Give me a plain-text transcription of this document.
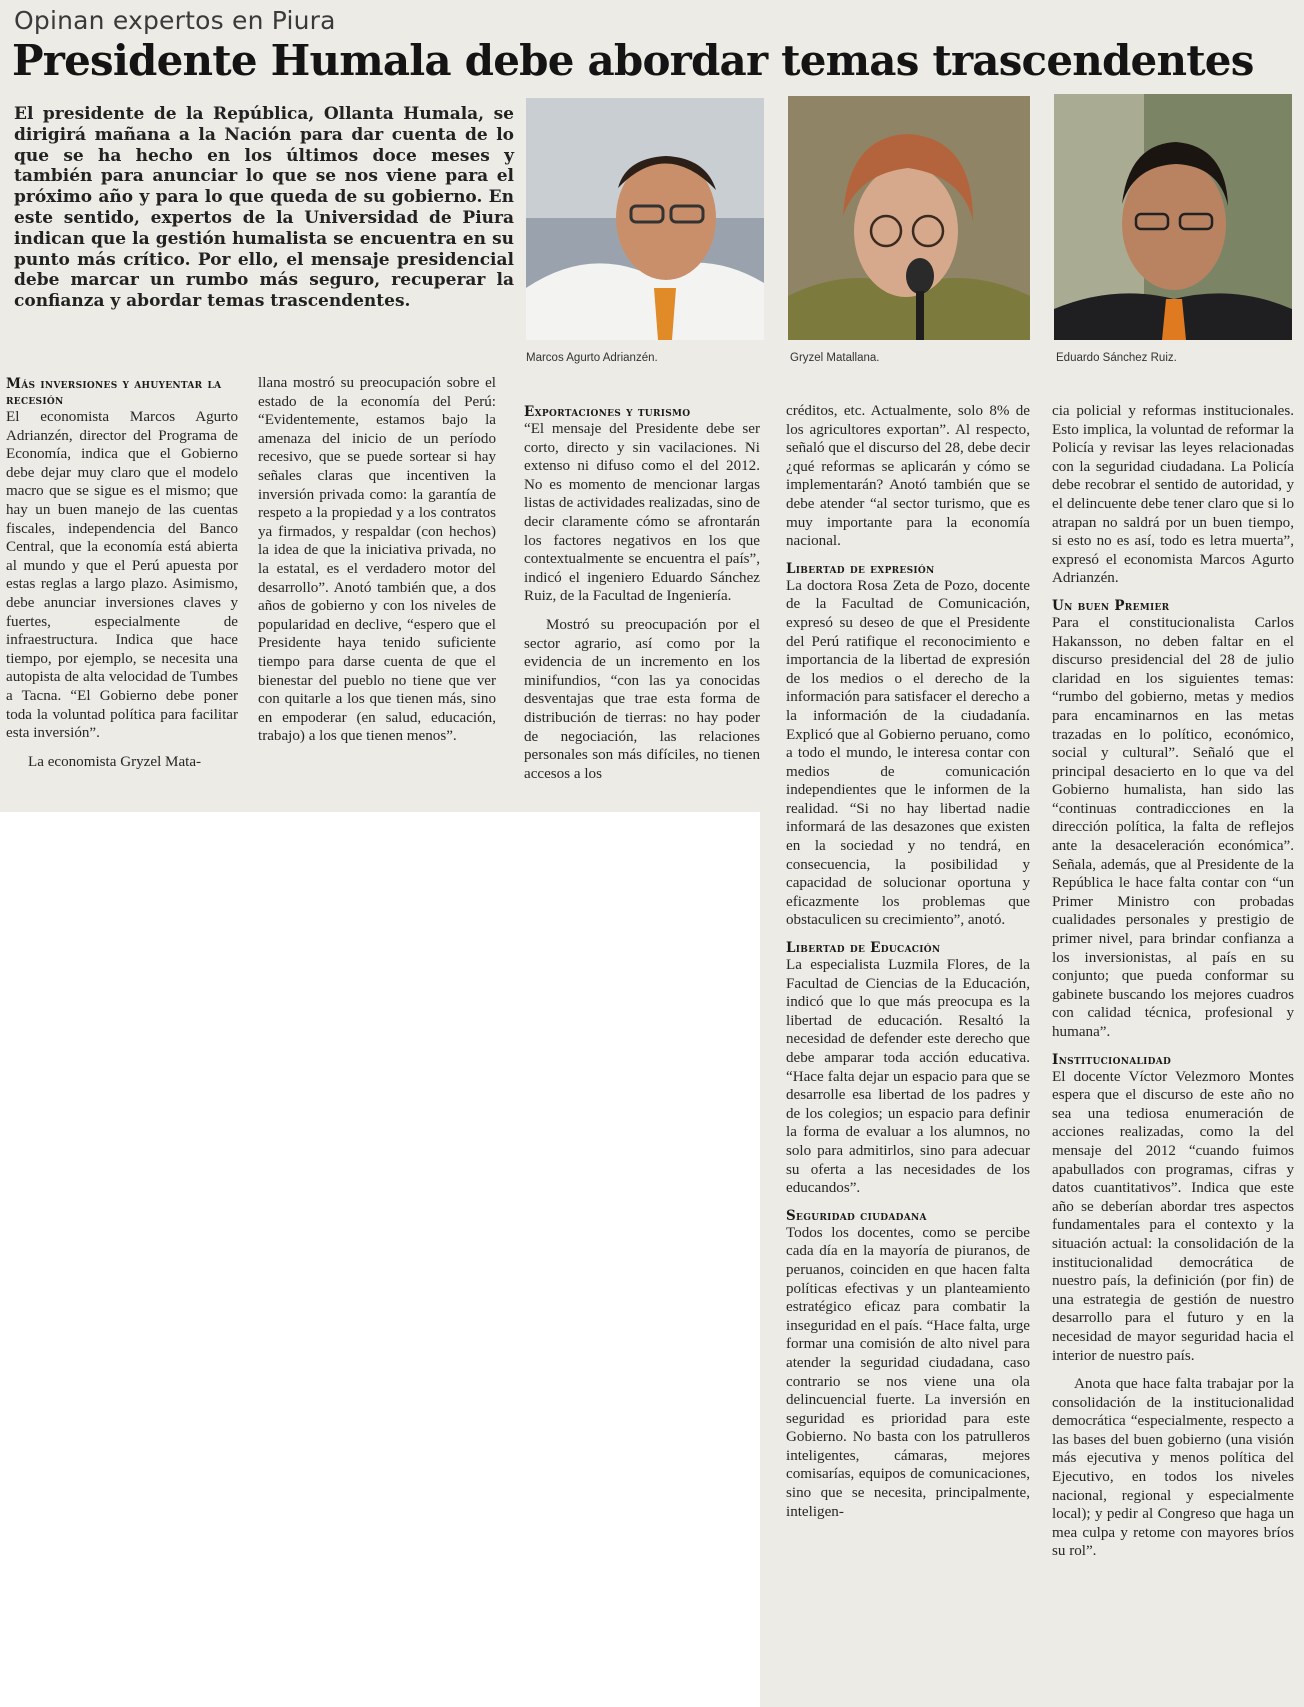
Opinan expertos en Piura
Presidente Humala debe abordar temas trascendentes
El presidente de la República, Ollanta Humala, se dirigirá mañana a la Nación para dar cuenta de lo que se ha hecho en los últimos doce meses y también para anunciar lo que se nos viene para el próximo año y para lo que queda de su gobierno. En este sentido, expertos de la Universidad de Piura indican que la gestión humalista se encuentra en su punto más crítico. Por ello, el mensaje presidencial debe marcar un rumbo más seguro, recuperar la confianza y abordar temas trascendentes.
Marcos Agurto Adrianzén.	Gryzel Matallana.	Eduardo Sánchez Ruiz.
Más inversiones y ahuyentar la recesión

El economista Marcos Agurto Adrianzén, director del Programa de Economía, indica que el Gobierno debe dejar muy claro que el modelo macro que se sigue es el mismo; que hay un buen manejo de las cuentas fiscales, independencia del Banco Central, que la economía está abierta al mundo y que el Perú apuesta por estas reglas a largo plazo. Asimismo, debe anunciar inversiones claves y fuertes, especialmente de infraestructura. Indica que hace tiempo, por ejemplo, se necesita una autopista de alta velocidad de Tumbes a Tacna. “El Gobierno debe poner toda la voluntad política para facilitar esta inversión”.

La economista Gryzel Mata-

llana mostró su preocupación sobre el estado de la economía del Perú: “Evidentemente, estamos bajo la amenaza del inicio de un período recesivo, que se puede sortear si hay señales claras que incentiven la inversión privada como: la garantía de respeto a la propiedad y a los contratos ya firmados, y respaldar (con hechos) la idea de que la iniciativa privada, no la estatal, es el verdadero motor del desarrollo”. Anotó también que, a dos años de gobierno y con los niveles de popularidad en declive, “espero que el Presidente haya tenido suficiente tiempo para darse cuenta de que el bienestar del pueblo no tiene que ver con quitarle a los que tienen más, sino en empoderar (en salud, educación, trabajo) a los que tienen menos”.

Exportaciones y turismo

“El mensaje del Presidente debe ser corto, directo y sin vacilaciones. Ni extenso ni difuso como el del 2012. No es momento de mencionar largas listas de actividades realizadas, sino de decir claramente cómo se afrontarán los factores negativos en los que contextualmente se encuentra el país”, indicó el ingeniero Eduardo Sánchez Ruiz, de la Facultad de Ingeniería.

Mostró su preocupación por el sector agrario, así como por la evidencia de un incremento en los minifundios, “con las ya conocidas desventajas que trae esta forma de distribución de tierras: no hay poder de negociación, las relaciones personales son más difíciles, no tienen accesos a los

créditos, etc. Actualmente, solo 8% de los agricultores exportan”. Al respecto, señaló que el discurso del 28, debe decir ¿qué reformas se aplicarán y cómo se implementarán? Anotó también que se debe atender “al sector turismo, que es muy importante para la economía nacional.

Libertad de expresión

La doctora Rosa Zeta de Pozo, docente de la Facultad de Comunicación, expresó su deseo de que el Presidente del Perú ratifique el reconocimiento e importancia de la libertad de expresión de los medios o el derecho de la información para satisfacer el derecho a la información de la ciudadanía. Explicó que al Gobierno peruano, como a todo el mundo, le interesa contar con medios de comunicación independientes que le informen de la realidad. “Si no hay libertad nadie informará de las desazones que existen en la sociedad y no tendrá, en consecuencia, la posibilidad y capacidad de solucionar oportuna y eficazmente los problemas que obstaculicen su crecimiento”, anotó.

Libertad de Educación

La especialista Luzmila Flores, de la Facultad de Ciencias de la Educación, indicó que lo que más preocupa es la libertad de educación. Resaltó la necesidad de defender este derecho que debe amparar toda acción educativa. “Hace falta dejar un espacio para que se desarrolle esa libertad de los padres y de los colegios; un espacio para definir la forma de evaluar a los alumnos, no solo para admitirlos, sino para adecuar su oferta a las necesidades de los educandos”.

Seguridad ciudadana

Todos los docentes, como se percibe cada día en la mayoría de piuranos, de peruanos, coinciden en que hacen falta políticas efectivas y un planteamiento estratégico eficaz para combatir la inseguridad en el país. “Hace falta, urge formar una comisión de alto nivel para atender la seguridad ciudadana, caso contrario se nos viene una ola delincuencial fuerte. La inversión en seguridad es prioridad para este Gobierno. No basta con los patrulleros inteligentes, cámaras, mejores comisarías, equipos de comunicaciones, sino que se necesita, principalmente, inteligen-

cia policial y reformas institucionales. Esto implica, la voluntad de reformar la Policía y revisar las leyes relacionadas con la seguridad ciudadana. La Policía debe recobrar el sentido de autoridad, y el delincuente debe tener claro que si lo atrapan no saldrá por un buen tiempo, si esto no es así, todo es letra muerta”, expresó el economista Marcos Agurto Adrianzén.

Un buen Premier

Para el constitucionalista Carlos Hakansson, no deben faltar en el discurso presidencial del 28 de julio claridad en los siguientes temas: “rumbo del gobierno, metas y medios para encaminarnos en las metas trazadas en lo político, económico, social y cultural”. Señaló que el principal desacierto en lo que va del Gobierno humalista, han sido las “continuas contradicciones en la dirección política, la falta de reflejos ante la desaceleración económica”. Señala, además, que al Presidente de la República le hace falta contar con “un Primer Ministro con probadas cualidades personales y prestigio de primer nivel, para brindar confianza a los inversionistas, al país en su conjunto; que pueda conformar su gabinete buscando los mejores cuadros con calidad técnica, profesional y humana”.

Institucionalidad

El docente Víctor Velezmoro Montes espera que el discurso de este año no sea una tediosa enumeración de acciones realizadas, como la del mensaje del 2012 “cuando fuimos apabullados con programas, cifras y datos cuantitativos”. Indica que este año se deberían abordar tres aspectos fundamentales para el contexto y la situación actual: la consolidación de la institucionalidad democrática de nuestro país, la definición (por fin) de una estrategia de gestión de nuestro desarrollo para el futuro y en la necesidad de mayor seguridad hacia el interior de nuestro país.

Anota que hace falta trabajar por la consolidación de la institucionalidad democrática “especialmente, respecto a las bases del buen gobierno (una visión más ejecutiva y menos política del Ejecutivo, en todos los niveles nacional, regional y especialmente local); y pedir al Congreso que haga un mea culpa y retome con mayores bríos su rol”.
